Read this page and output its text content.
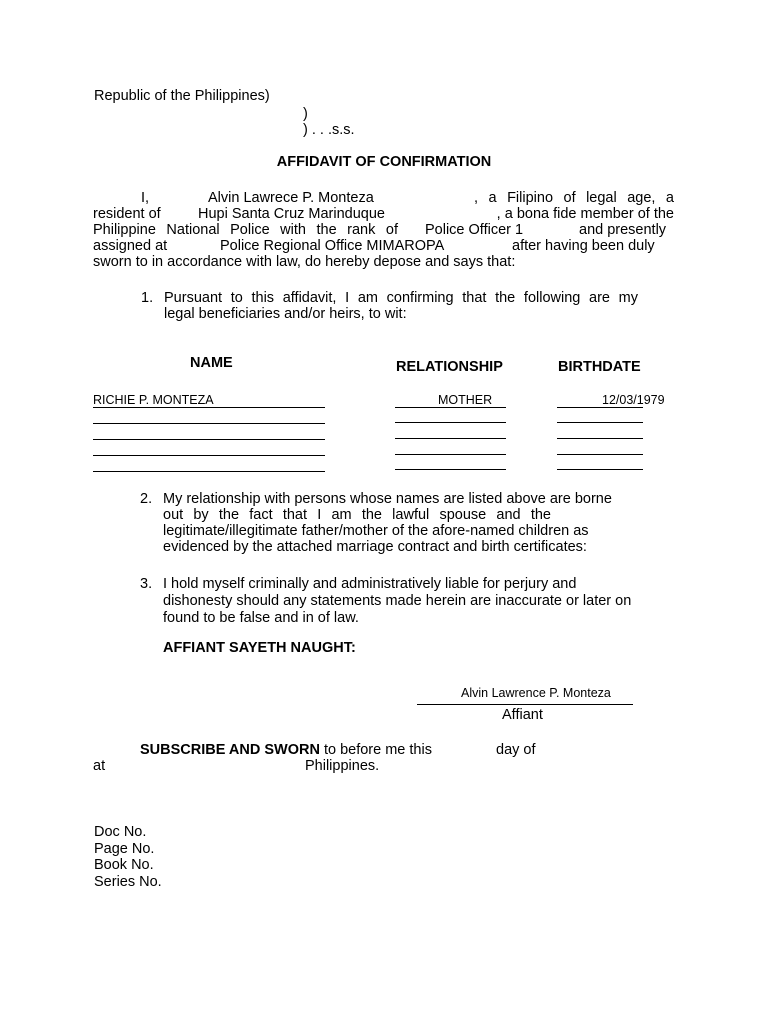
Republic of the Philippines)
)
) . . .s.s.
AFFIDAVIT OF CONFIRMATION
I,	Alvin Lawrece P. Monteza	, a Filipino of legal age, a
resident of	Hupi Santa Cruz Marinduque	, a bona fide member of the
Philippine National Police with the rank of Police Officer 1	and presently
assigned at	Police Regional Office MIMAROPA	after having been duly
sworn to in accordance with law, do hereby depose and says that:
1. Pursuant to this affidavit, I am confirming that the following are my
legal beneficiaries and/or heirs, to wit:
NAME	RELATIONSHIP	BIRTHDATE
RICHIE P. MONTEZA	MOTHER	12/03/1979
2. My relationship with persons whose names are listed above are borne
out by the fact that I am the lawful spouse and the
legitimate/illegitimate father/mother of the afore-named children as
evidenced by the attached marriage contract and birth certificates:
3. I hold myself criminally and administratively liable for perjury and
dishonesty should any statements made herein are inaccurate or later on
found to be false and in of law.
AFFIANT SAYETH NAUGHT:
Alvin Lawrence P. Monteza
Affiant
SUBSCRIBE AND SWORN to before me this	day of
at	Philippines.
Doc No.
Page No.
Book No.
Series No.
